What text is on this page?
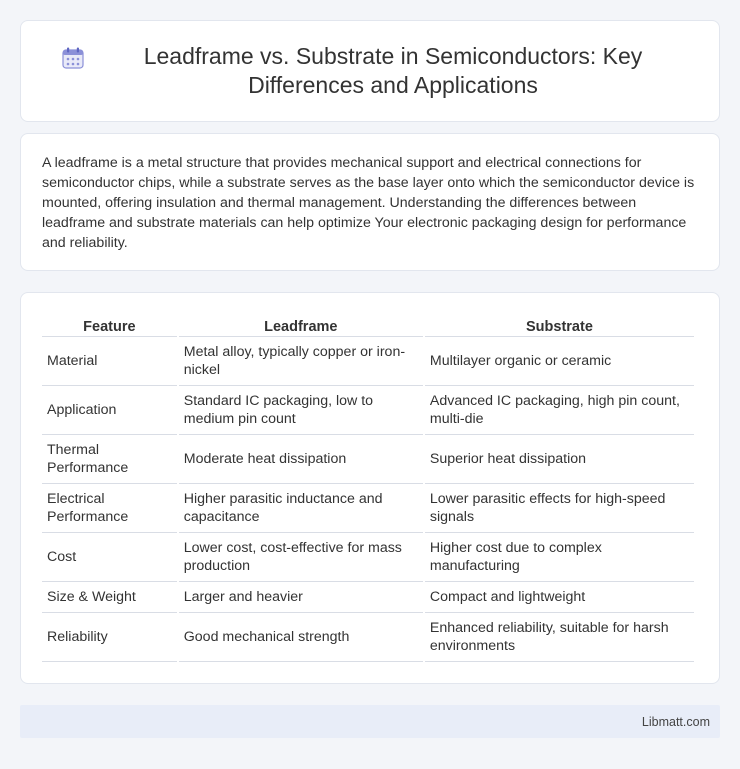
Leadframe vs. Substrate in Semiconductors: Key Differences and Applications

A leadframe is a metal structure that provides mechanical support and electrical connections for semiconductor chips, while a substrate serves as the base layer onto which the semiconductor device is mounted, offering insulation and thermal management. Understanding the differences between leadframe and substrate materials can help optimize Your electronic packaging design for performance and reliability.

Feature	Leadframe	Substrate
Material	Metal alloy, typically copper or iron-nickel	Multilayer organic or ceramic
Application	Standard IC packaging, low to medium pin count	Advanced IC packaging, high pin count, multi-die
Thermal Performance	Moderate heat dissipation	Superior heat dissipation
Electrical Performance	Higher parasitic inductance and capacitance	Lower parasitic effects for high-speed signals
Cost	Lower cost, cost-effective for mass production	Higher cost due to complex manufacturing
Size & Weight	Larger and heavier	Compact and lightweight
Reliability	Good mechanical strength	Enhanced reliability, suitable for harsh environments
Libmatt.com
